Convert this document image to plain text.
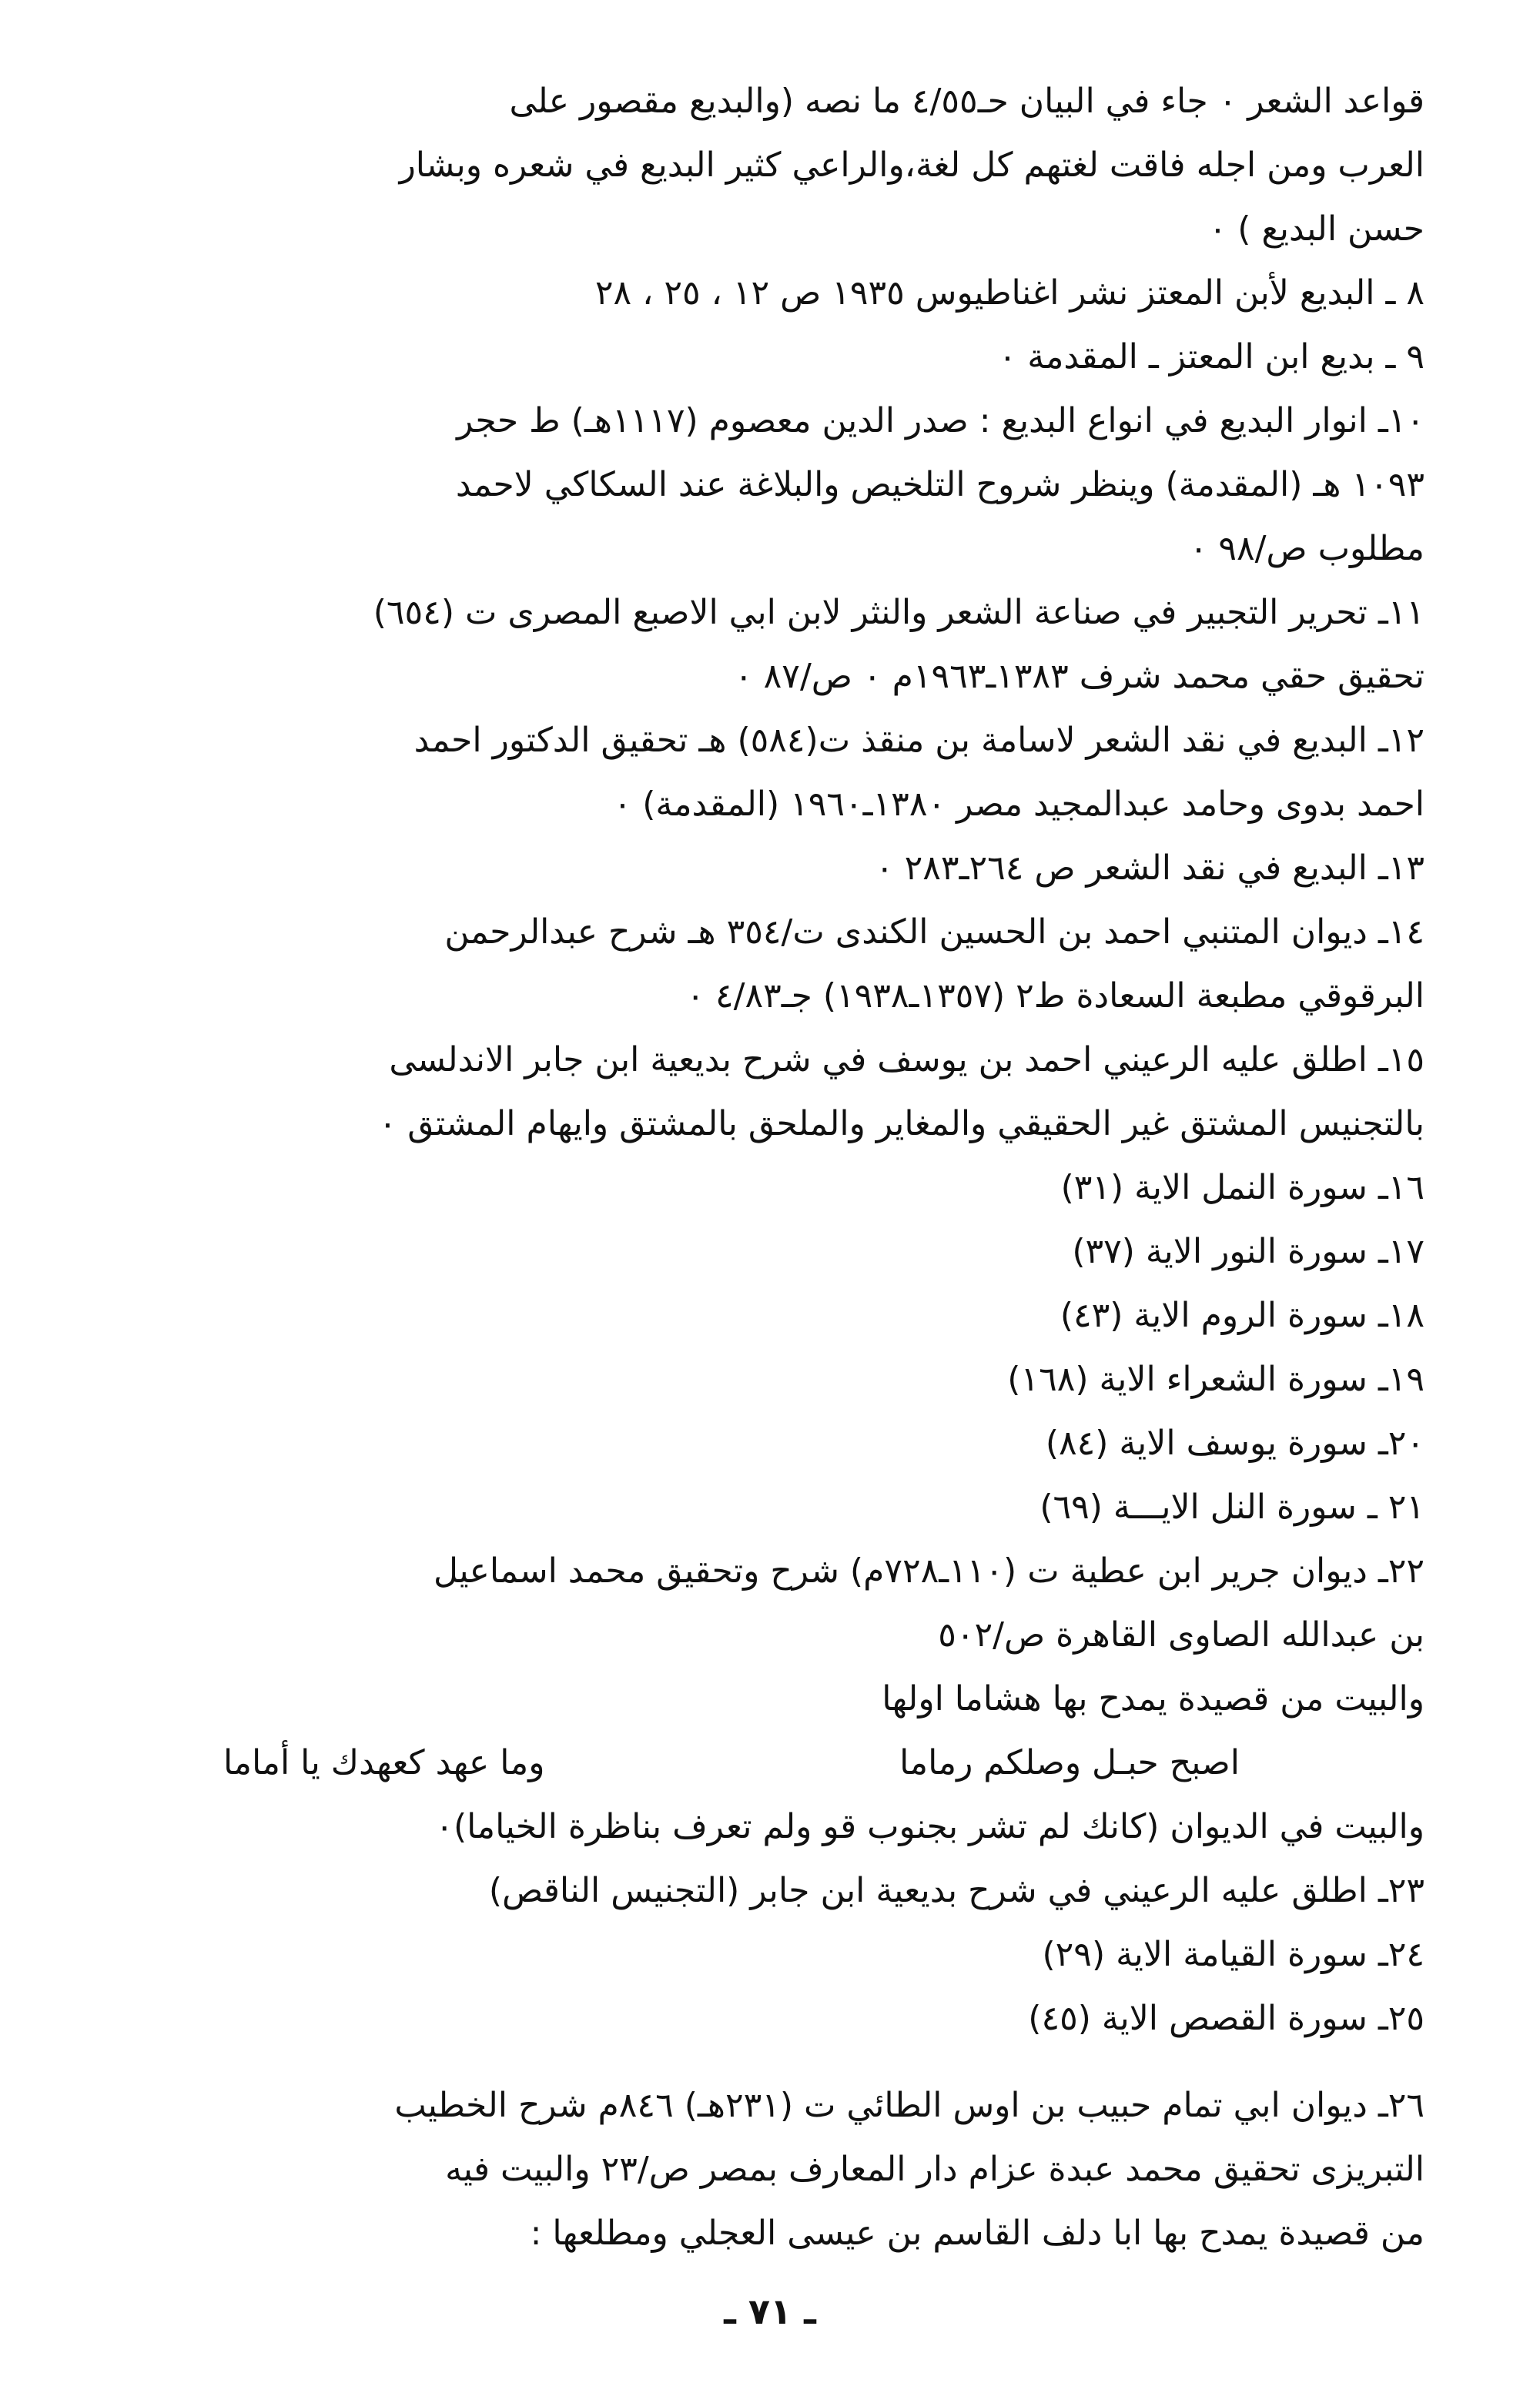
قواعد الشعر ٠ جاء في البيان حـ٤/٥٥ ما نصه (والبديع مقصور على
العرب ومن اجله فاقت لغتهم كل لغة،والراعي كثير البديع في شعره وبشار
حسن البديع ) ٠
٨ ـ البديع لأبن المعتز نشر اغناطيوس ١٩٣٥ ص ١٢ ، ٢٥ ، ٢٨
٩ ـ بديع ابن المعتز ـ المقدمة ٠
١٠ـ انوار البديع في انواع البديع : صدر الدين معصوم (١١١٧هـ) ط حجر
١٠٩٣ هـ (المقدمة) وينظر شروح التلخيص والبلاغة عند السكاكي لاحمد
مطلوب ص/٩٨ ٠
١١ـ تحرير التجبير في صناعة الشعر والنثر لابن ابي الاصبع المصرى ت (٦٥٤)
تحقيق حقي محمد شرف ١٣٨٣ـ١٩٦٣م ٠ ص/٨٧ ٠
١٢ـ البديع في نقد الشعر لاسامة بن منقذ ت(٥٨٤) هـ تحقيق الدكتور احمد
احمد بدوى وحامد عبدالمجيد مصر ١٣٨٠ـ١٩٦٠ (المقدمة) ٠
١٣ـ البديع في نقد الشعر ص ٢٦٤ـ٢٨٣ ٠
١٤ـ ديوان المتنبي احمد بن الحسين الكندى ت/٣٥٤ هـ شرح عبدالرحمن
البرقوقي مطبعة السعادة ط٢ (١٣٥٧ـ١٩٣٨) جـ٤/٨٣ ٠
١٥ـ اطلق عليه الرعيني احمد بن يوسف في شرح بديعية ابن جابر الاندلسى
بالتجنيس المشتق غير الحقيقي والمغاير والملحق بالمشتق وايهام المشتق ٠
١٦ـ سورة النمل الاية (٣١)
١٧ـ سورة النور الاية (٣٧)
١٨ـ سورة الروم الاية (٤٣)
١٩ـ سورة الشعراء الاية (١٦٨)
٢٠ـ سورة يوسف الاية (٨٤)
٢١ ـ سورة النل الايـــة (٦٩)
٢٢ـ ديوان جرير ابن عطية ت (١١٠ـ٧٢٨م) شرح وتحقيق محمد اسماعيل
بن عبدالله الصاوى القاهرة ص/٥٠٢
والبيت من قصيدة يمدح بها هشاما اولها
اصبح حبـل وصلكم رماما
وما عهد كعهدك يا أماما
والبيت في الديوان (كانك لم تشر بجنوب قو ولم تعرف بناظرة الخياما)٠
٢٣ـ اطلق عليه الرعيني في شرح بديعية ابن جابر (التجنيس الناقص)
٢٤ـ سورة القيامة الاية (٢٩)
٢٥ـ سورة القصص الاية (٤٥)
٢٦ـ ديوان ابي تمام حبيب بن اوس الطائي ت (٢٣١هـ) ٨٤٦م شرح الخطيب
التبريزى تحقيق محمد عبدة عزام دار المعارف بمصر ص/٢٣ والبيت فيه
من قصيدة يمدح بها ابا دلف القاسم بن عيسى العجلي ومطلعها :
ـ ٧١ ـ
